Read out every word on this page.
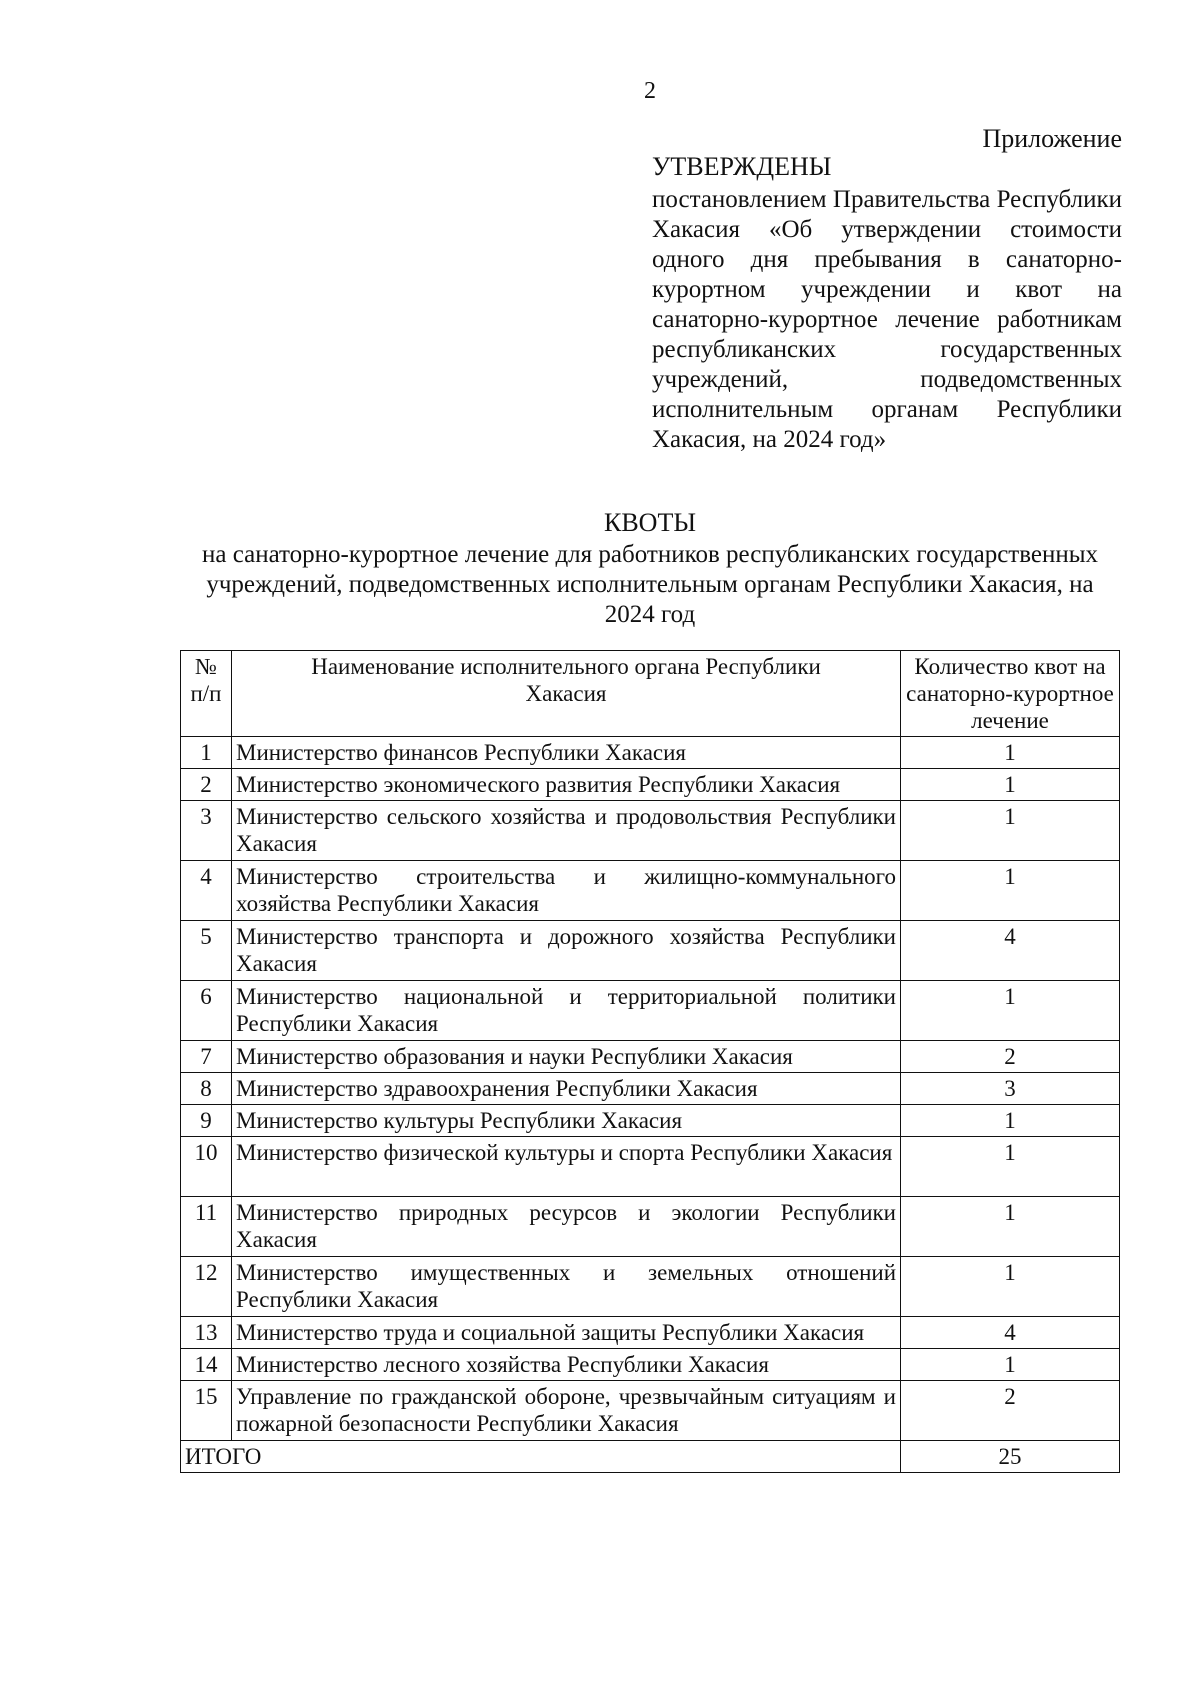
2
Приложение
УТВЕРЖДЕНЫ
постановлением Правительства Республики Хакасия «Об утверждении стоимости одного дня пребывания в санаторно-курортном учреждении и квот на санаторно-курортное лечение работникам республиканских государственных учреждений, подведомственных исполнительным органам Республики Хакасия, на 2024 год»
КВОТЫ
на санаторно-курортное лечение для работников республиканских государственных учреждений, подведомственных исполнительным органам Республики Хакасия, на 2024 год
№ п/п	Наименование исполнительного органа Республики Хакасия	Количество квот на санаторно-курортное лечение
1	Министерство финансов Республики Хакасия	1
2	Министерство экономического развития Республики Хакасия	1
3	Министерство сельского хозяйства и продовольствия Республики Хакасия	1
4	Министерство строительства и жилищно-коммунального хозяйства Республики Хакасия	1
5	Министерство транспорта и дорожного хозяйства Республики Хакасия	4
6	Министерство национальной и территориальной политики Республики Хакасия	1
7	Министерство образования и науки Республики Хакасия	2
8	Министерство здравоохранения Республики Хакасия	3
9	Министерство культуры Республики Хакасия	1
10	Министерство физической культуры и спорта Республики Хакасия	1
11	Министерство природных ресурсов и экологии Республики Хакасия	1
12	Министерство имущественных и земельных отношений Республики Хакасия	1
13	Министерство труда и социальной защиты Республики Хакасия	4
14	Министерство лесного хозяйства Республики Хакасия	1
15	Управление по гражданской обороне, чрезвычайным ситуациям и пожарной безопасности Республики Хакасия	2
ИТОГО		25
